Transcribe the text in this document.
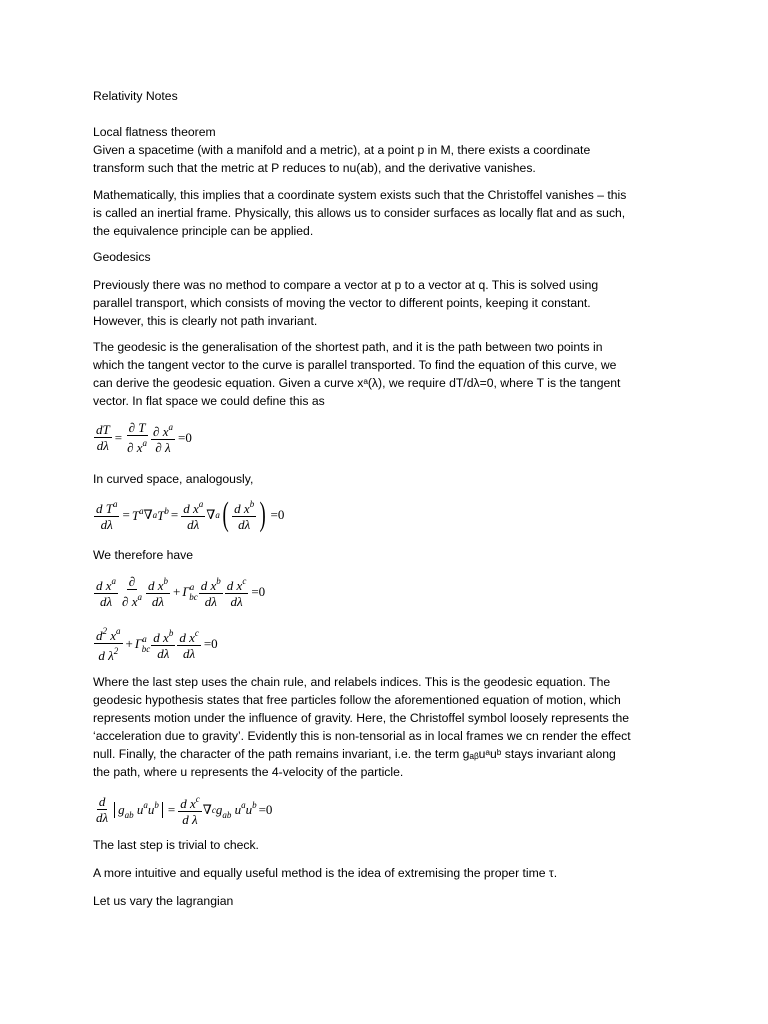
Relativity Notes
Local flatness theorem
Given a spacetime (with a manifold and a metric), at a point p in M, there exists a coordinate
transform such that the metric at P reduces to nu(ab), and the derivative vanishes.
Mathematically, this implies that a coordinate system exists such that the Christoffel vanishes – this
is called an inertial frame. Physically, this allows us to consider surfaces as locally flat and as such,
the equivalence principle can be applied.
Geodesics
Previously there was no method to compare a vector at p to a vector at q. This is solved using
parallel transport, which consists of moving the vector to different points, keeping it constant.
However, this is clearly not path invariant.
The geodesic is the generalisation of the shortest path, and it is the path between two points in
which the tangent vector to the curve is parallel transported. To find the equation of this curve, we
can derive the geodesic equation. Given a curve xᵃ(λ), we require dT/dλ=0, where T is the tangent
vector. In flat space we could define this as
$\frac{dT}{d\lambda} = \frac{\partial T}{\partial x^a} \frac{\partial x^a}{\partial \lambda} =0$
In curved space, analogously,
$\frac{d T^a}{d\lambda} = T^a$ ∇ a $T^b = \frac{d x^a}{d\lambda}$ ∇ a ( $\frac{d x^b}{d\lambda}$ ) =0
We therefore have
$\frac{d x^a}{d\lambda} \frac{\partial}{\partial x^a} \frac{d x^b}{d\lambda} + \Gamma^a_{bc} \frac{d x^b}{d\lambda} \frac{d x^c}{d\lambda} =0$
$\frac{d^2 x^a}{d \lambda^2} + \Gamma^a_{bc} \frac{d x^b}{d\lambda} \frac{d x^c}{d\lambda} =0$
Where the last step uses the chain rule, and relabels indices. This is the geodesic equation. The
geodesic hypothesis states that free particles follow the aforementioned equation of motion, which
represents motion under the influence of gravity. Here, the Christoffel symbol loosely represents the
‘acceleration due to gravity’. Evidently this is non-tensorial as in local frames we cn render the effect
null. Finally, the character of the path remains invariant, i.e. the term gₐᵦuᵃuᵇ stays invariant along
the path, where u represents the 4-velocity of the particle.
$\frac{d}{d\lambda} g_{ab}$ $u^au^b = \frac{d x^c}{\text{d λ}}$ ∇ c $g_{ab}$ $u^au^b =0$
The last step is trivial to check.
A more intuitive and equally useful method is the idea of extremising the proper time τ.
Let us vary the lagrangian
